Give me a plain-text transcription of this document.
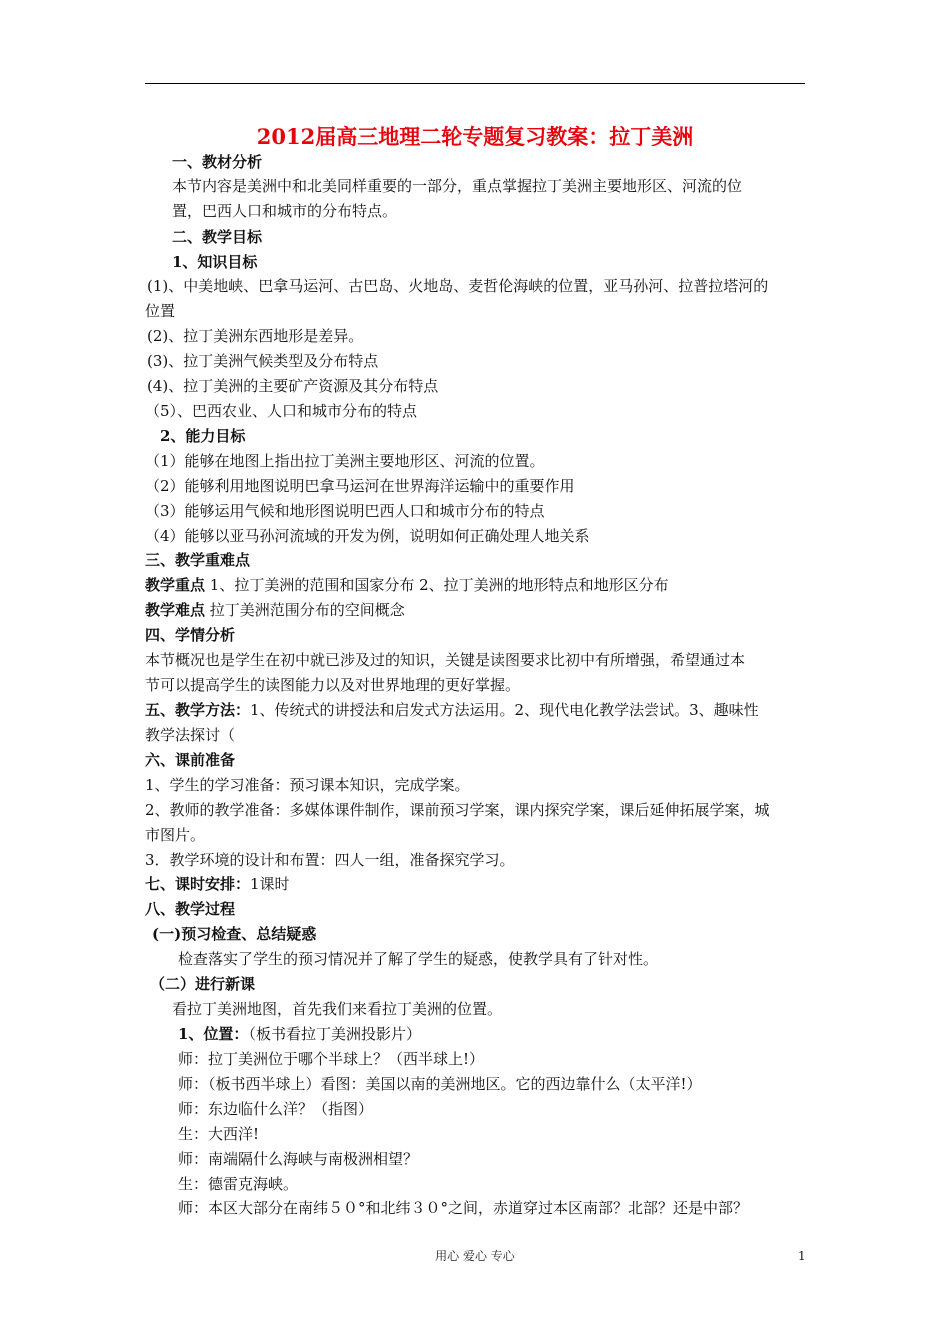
2012届高三地理二轮专题复习教案：拉丁美洲
一、教材分析
本节内容是美洲中和北美同样重要的一部分，重点掌握拉丁美洲主要地形区、河流的位
置，巴西人口和城市的分布特点。
二、教学目标
1、知识目标
(1)、中美地峡、巴拿马运河、古巴岛、火地岛、麦哲伦海峡的位置，亚马孙河、拉普拉塔河的
位置
(2)、拉丁美洲东西地形是差异。
(3)、拉丁美洲气候类型及分布特点
(4)、拉丁美洲的主要矿产资源及其分布特点
（5）、巴西农业、人口和城市分布的特点
2、能力目标
（1）能够在地图上指出拉丁美洲主要地形区、河流的位置。
（2）能够利用地图说明巴拿马运河在世界海洋运输中的重要作用
（3）能够运用气候和地形图说明巴西人口和城市分布的特点
（4）能够以亚马孙河流域的开发为例，说明如何正确处理人地关系
三、教学重难点
教学重点 1、拉丁美洲的范围和国家分布 2、拉丁美洲的地形特点和地形区分布
教学难点 拉丁美洲范围分布的空间概念
四、学情分析
本节概况也是学生在初中就已涉及过的知识，关键是读图要求比初中有所增强，希望通过本
节可以提高学生的读图能力以及对世界地理的更好掌握。
五、教学方法：1、传统式的讲授法和启发式方法运用。2、现代电化教学法尝试。3、趣味性
教学法探讨（
六、课前准备
1、学生的学习准备：预习课本知识，完成学案。
2、教师的教学准备：多媒体课件制作，课前预习学案，课内探究学案，课后延伸拓展学案，城
市图片。
3．教学环境的设计和布置：四人一组，准备探究学习。
七、课时安排：1课时
八、教学过程
(一)预习检查、总结疑惑
检查落实了学生的预习情况并了解了学生的疑惑，使教学具有了针对性。
（二）进行新课
看拉丁美洲地图，首先我们来看拉丁美洲的位置。
1、位置：（板书看拉丁美洲投影片）
师：拉丁美洲位于哪个半球上？（西半球上!）
师：（板书西半球上）看图：美国以南的美洲地区。它的西边靠什么（太平洋!）
师：东边临什么洋？（指图）
生：大西洋!
师：南端隔什么海峡与南极洲相望？
生：德雷克海峡。
师：本区大部分在南纬５０°和北纬３０°之间，赤道穿过本区南部？北部？还是中部？
用心 爱心 专心	1
